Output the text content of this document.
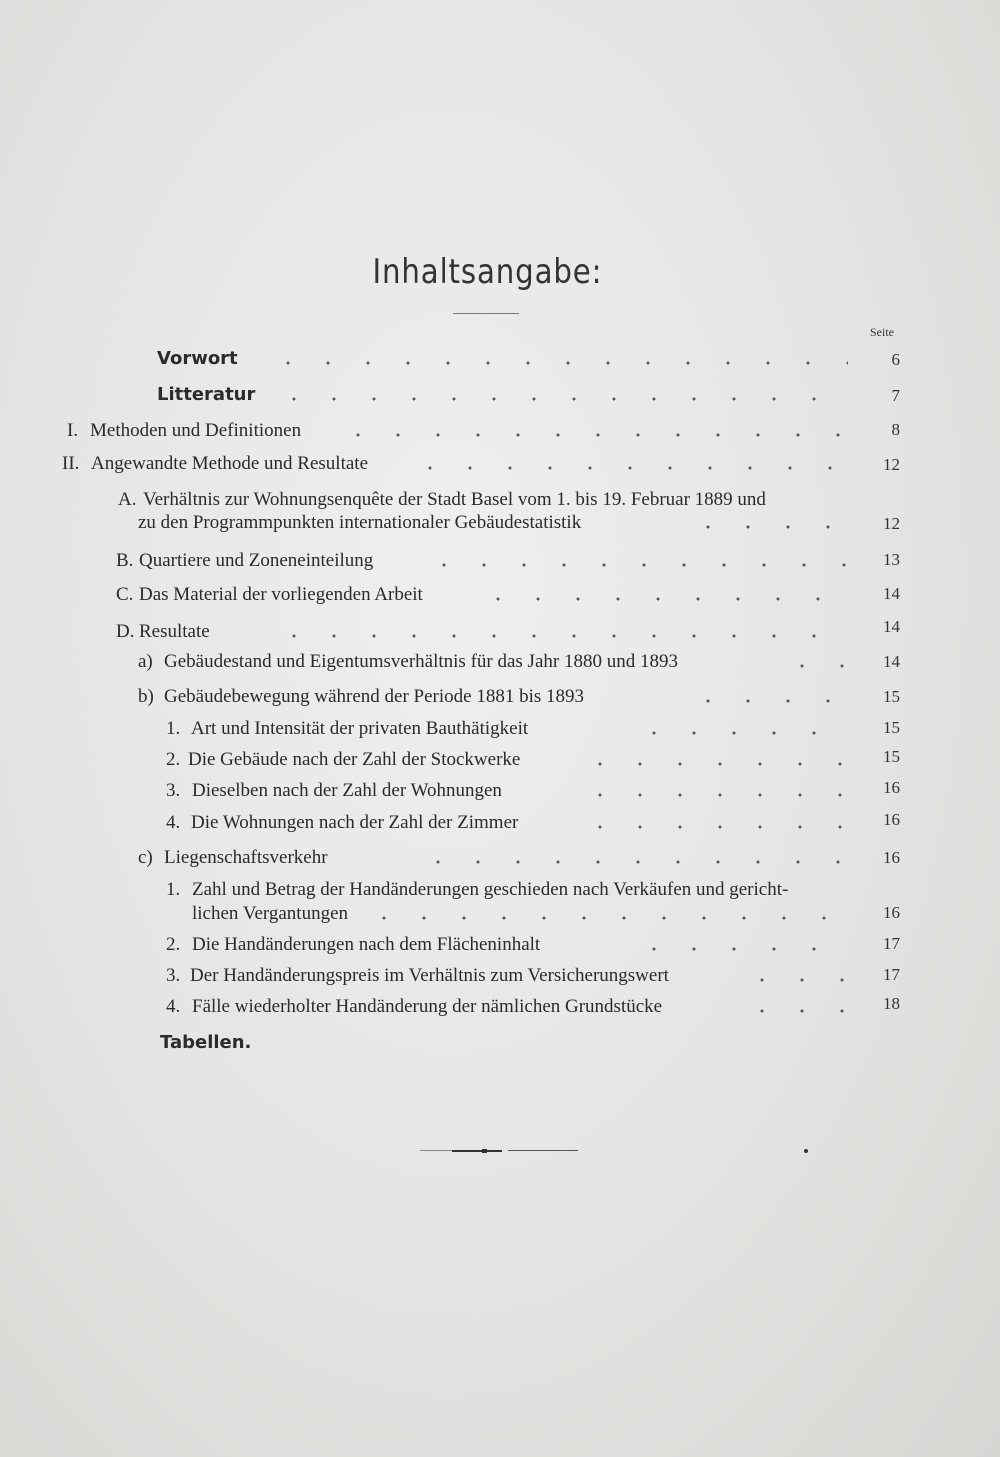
Inhaltsangabe:
Seite
Vorwort	6
Litteratur	7
I. Methoden und Definitionen	8
II. Angewandte Methode und Resultate	12
A. Verhältnis zur Wohnungsenquête der Stadt Basel vom 1. bis 19. Februar 1889 und
zu den Programmpunkten internationaler Gebäudestatistik	12
B. Quartiere und Zoneneinteilung	13
C. Das Material der vorliegenden Arbeit	14
D. Resultate	14
a) Gebäudestand und Eigentumsverhältnis für das Jahr 1880 und 1893	14
b) Gebäudebewegung während der Periode 1881 bis 1893	15
1. Art und Intensität der privaten Bauthätigkeit	15
2. Die Gebäude nach der Zahl der Stockwerke	15
3. Dieselben nach der Zahl der Wohnungen	16
4. Die Wohnungen nach der Zahl der Zimmer	16
c) Liegenschaftsverkehr	16
1. Zahl und Betrag der Handänderungen geschieden nach Verkäufen und gericht-
lichen Vergantungen	16
2. Die Handänderungen nach dem Flächeninhalt	17
3. Der Handänderungspreis im Verhältnis zum Versicherungswert	17
4. Fälle wiederholter Handänderung der nämlichen Grundstücke	18
Tabellen.
